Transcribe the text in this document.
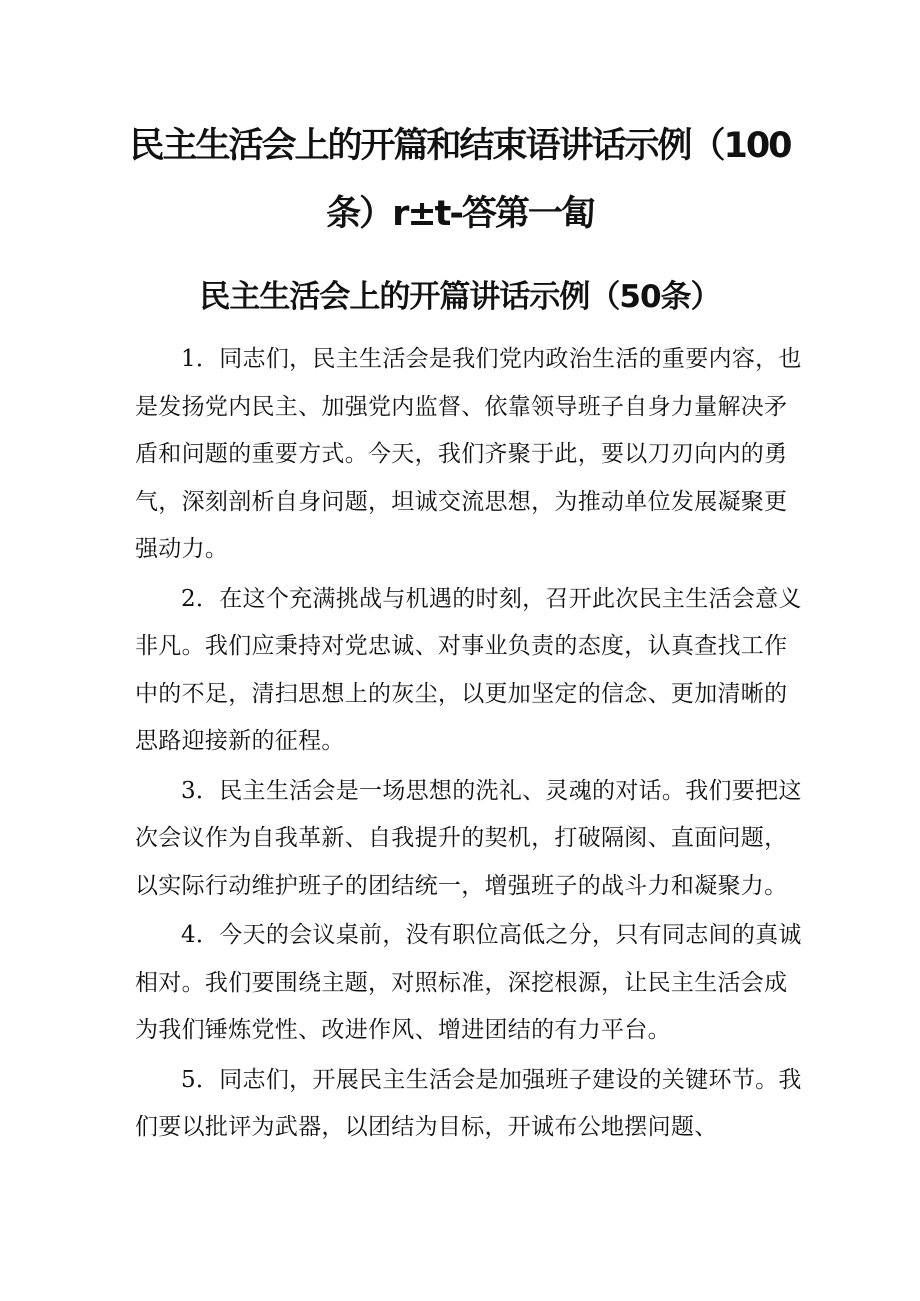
民主生活会上的开篇和结束语讲话示例（100
条）r±t-答第一匐
民主生活会上的开篇讲话示例（50条）

1．同志们，民主生活会是我们党内政治生活的重要内容，也是发扬党内民主、加强党内监督、依靠领导班子自身力量解决矛盾和问题的重要方式。今天，我们齐聚于此，要以刀刃向内的勇气，深刻剖析自身问题，坦诚交流思想，为推动单位发展凝聚更强动力。

2．在这个充满挑战与机遇的时刻，召开此次民主生活会意义非凡。我们应秉持对党忠诚、对事业负责的态度，认真查找工作中的不足，清扫思想上的灰尘，以更加坚定的信念、更加清晰的思路迎接新的征程。

3．民主生活会是一场思想的洗礼、灵魂的对话。我们要把这次会议作为自我革新、自我提升的契机，打破隔阂、直面问题，以实际行动维护班子的团结统一，增强班子的战斗力和凝聚力。

4．今天的会议桌前，没有职位高低之分，只有同志间的真诚相对。我们要围绕主题，对照标准，深挖根源，让民主生活会成为我们锤炼党性、改进作风、增进团结的有力平台。

5．同志们，开展民主生活会是加强班子建设的关键环节。我们要以批评为武器，以团结为目标，开诚布公地摆问题、
